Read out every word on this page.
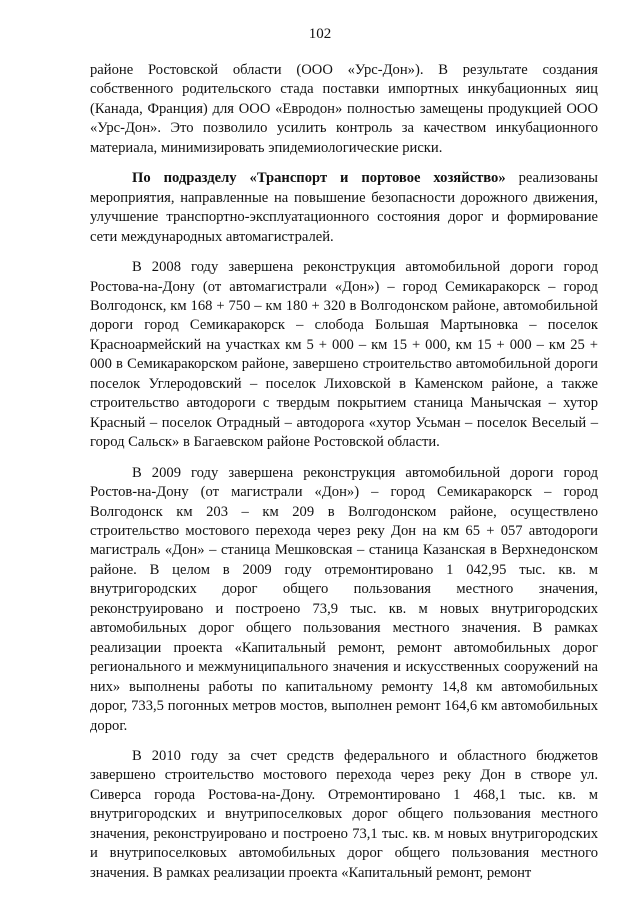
102

районе Ростовской области (ООО «Урс-Дон»). В результате создания собственного родительского стада поставки импортных инкубационных яиц (Канада, Франция) для ООО «Евродон» полностью замещены продукцией ООО «Урс-Дон». Это позволило усилить контроль за качеством инкубационного материала, минимизировать эпидемиологические риски.

По подразделу «Транспорт и портовое хозяйство» реализованы мероприятия, направленные на повышение безопасности дорожного движения, улучшение транспортно-эксплуатационного состояния дорог и формирование сети международных автомагистралей.

В 2008 году завершена реконструкция автомобильной дороги город Ростова-на-Дону (от автомагистрали «Дон») – город Семикаракорск – город Волгодонск, км 168 + 750 – км 180 + 320 в Волгодонском районе, автомобильной дороги город Семикаракорск – слобода Большая Мартыновка – поселок Красноармейский на участках км 5 + 000 – км 15 + 000, км 15 + 000 – км 25 + 000 в Семикаракорском районе, завершено строительство автомобильной дороги поселок Углеродовский – поселок Лиховской в Каменском районе, а также строительство автодороги с твердым покрытием станица Манычская – хутор Красный – поселок Отрадный – автодорога «хутор Усьман – поселок Веселый – город Сальск» в Багаевском районе Ростовской области.

В 2009 году завершена реконструкция автомобильной дороги город Ростов-на-Дону (от магистрали «Дон») – город Семикаракорск – город Волгодонск км 203 – км 209 в Волгодонском районе, осуществлено строительство мостового перехода через реку Дон на км 65 + 057 автодороги магистраль «Дон» – станица Мешковская – станица Казанская в Верхнедонском районе. В целом в 2009 году отремонтировано 1 042,95 тыс. кв. м внутригородских дорог общего пользования местного значения, реконструировано и построено 73,9 тыс. кв. м новых внутригородских автомобильных дорог общего пользования местного значения. В рамках реализации проекта «Капитальный ремонт, ремонт автомобильных дорог регионального и межмуниципального значения и искусственных сооружений на них» выполнены работы по капитальному ремонту 14,8 км автомобильных дорог, 733,5 погонных метров мостов, выполнен ремонт 164,6 км автомобильных дорог.

В 2010 году за счет средств федерального и областного бюджетов завершено строительство мостового перехода через реку Дон в створе ул. Сиверса города Ростова-на-Дону. Отремонтировано 1 468,1 тыс. кв. м внутригородских и внутрипоселковых дорог общего пользования местного значения, реконструировано и построено 73,1 тыс. кв. м новых внутригородских и внутрипоселковых автомобильных дорог общего пользования местного значения. В рамках реализации проекта «Капитальный ремонт, ремонт
